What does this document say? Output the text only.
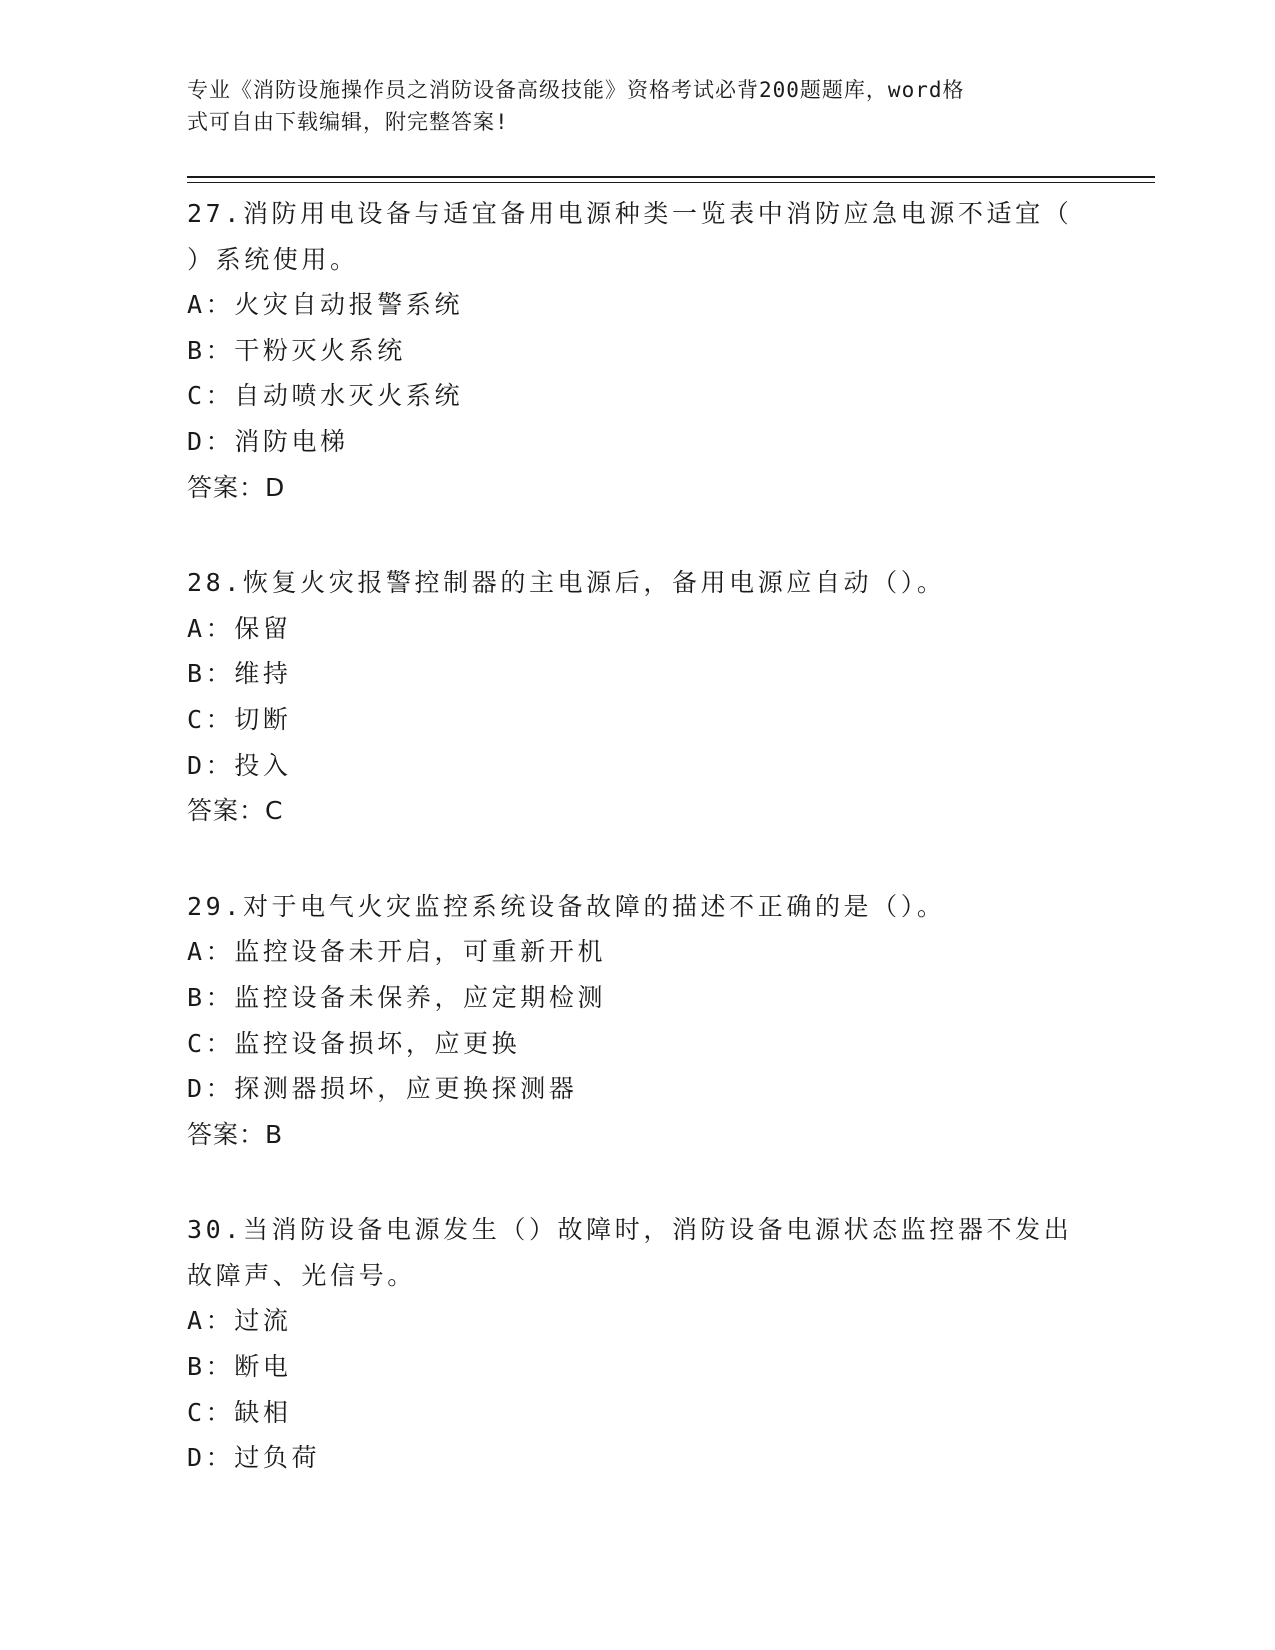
专业《消防设施操作员之消防设备高级技能》资格考试必背200题题库，word格

式可自由下载编辑，附完整答案!

27.消防用电设备与适宜备用电源种类一览表中消防应急电源不适宜（
）系统使用。

A：火灾自动报警系统
B：干粉灭火系统
C：自动喷水灭火系统
D：消防电梯

答案：D

28.恢复火灾报警控制器的主电源后，备用电源应自动（）。

A：保留
B：维持
C：切断
D：投入

答案：C

29.对于电气火灾监控系统设备故障的描述不正确的是（）。

A：监控设备未开启，可重新开机
B：监控设备未保养，应定期检测
C：监控设备损坏，应更换
D：探测器损坏，应更换探测器

答案：B

30.当消防设备电源发生（）故障时，消防设备电源状态监控器不发出
故障声、光信号。

A：过流
B：断电
C：缺相
D：过负荷
